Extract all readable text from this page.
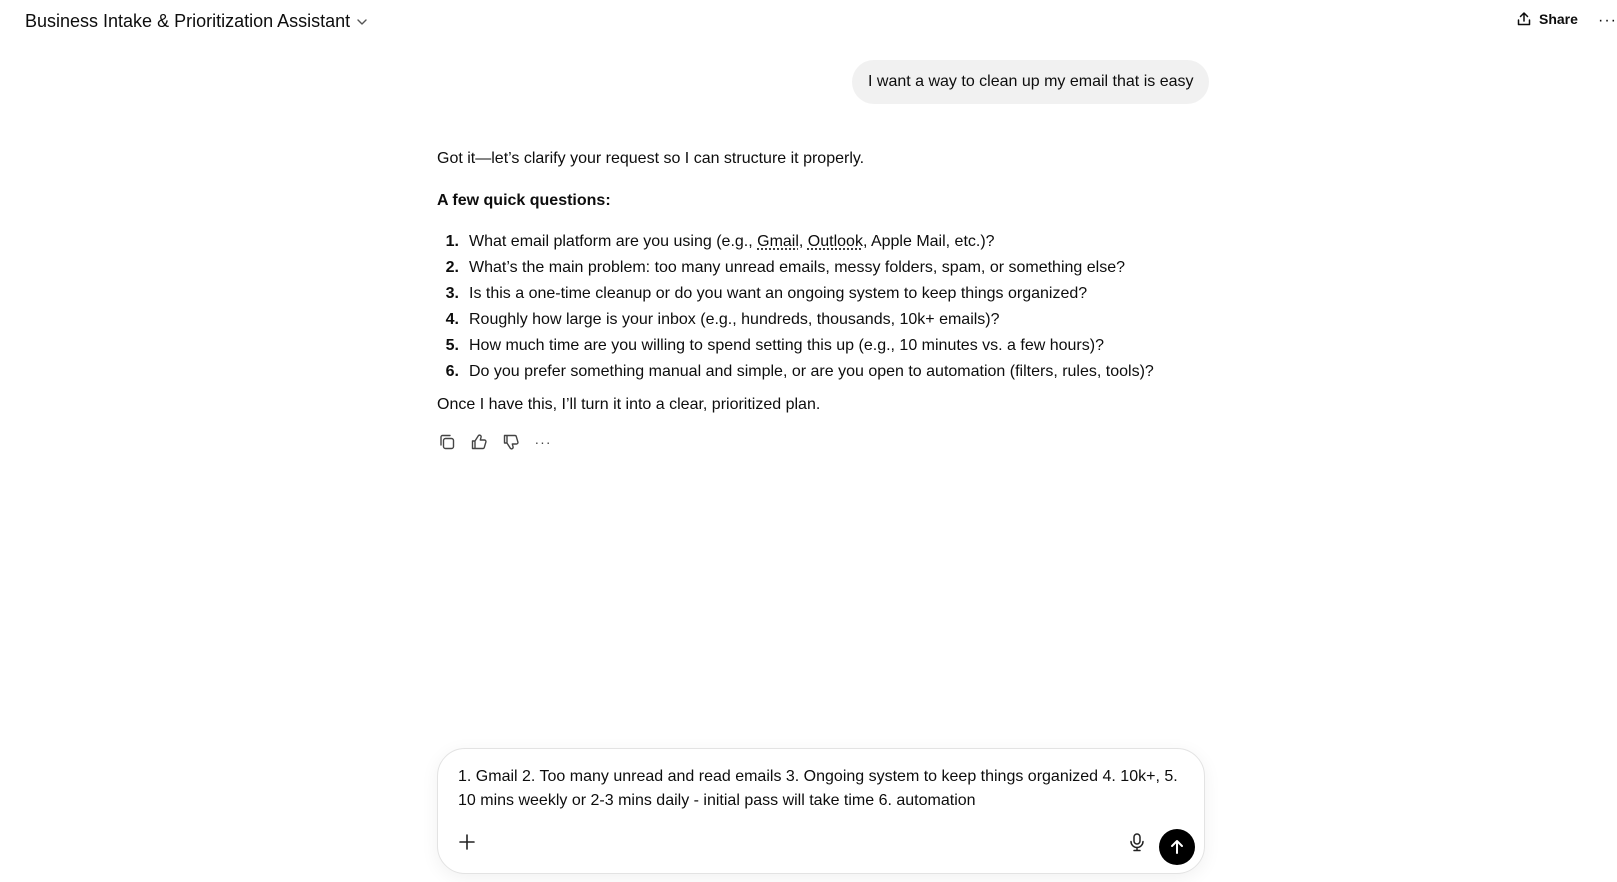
Business Intake & Prioritization Assistant	Share ···
I want a way to clean up my email that is easy

Got it—let’s clarify your request so I can structure it properly.

A few quick questions:

1. What email platform are you using (e.g., Gmail, Outlook, Apple Mail, etc.)?
2. What’s the main problem: too many unread emails, messy folders, spam, or something else?
3. Is this a one-time cleanup or do you want an ongoing system to keep things organized?
4. Roughly how large is your inbox (e.g., hundreds, thousands, 10k+ emails)?
5. How much time are you willing to spend setting this up (e.g., 10 minutes vs. a few hours)?
6. Do you prefer something manual and simple, or are you open to automation (filters, rules, tools)?

Once I have this, I’ll turn it into a clear, prioritized plan.

···
1. Gmail 2. Too many unread and read emails 3. Ongoing system to keep things organized 4. 10k+, 5. 10 mins weekly or 2-3 mins daily - initial pass will take time 6. automation
